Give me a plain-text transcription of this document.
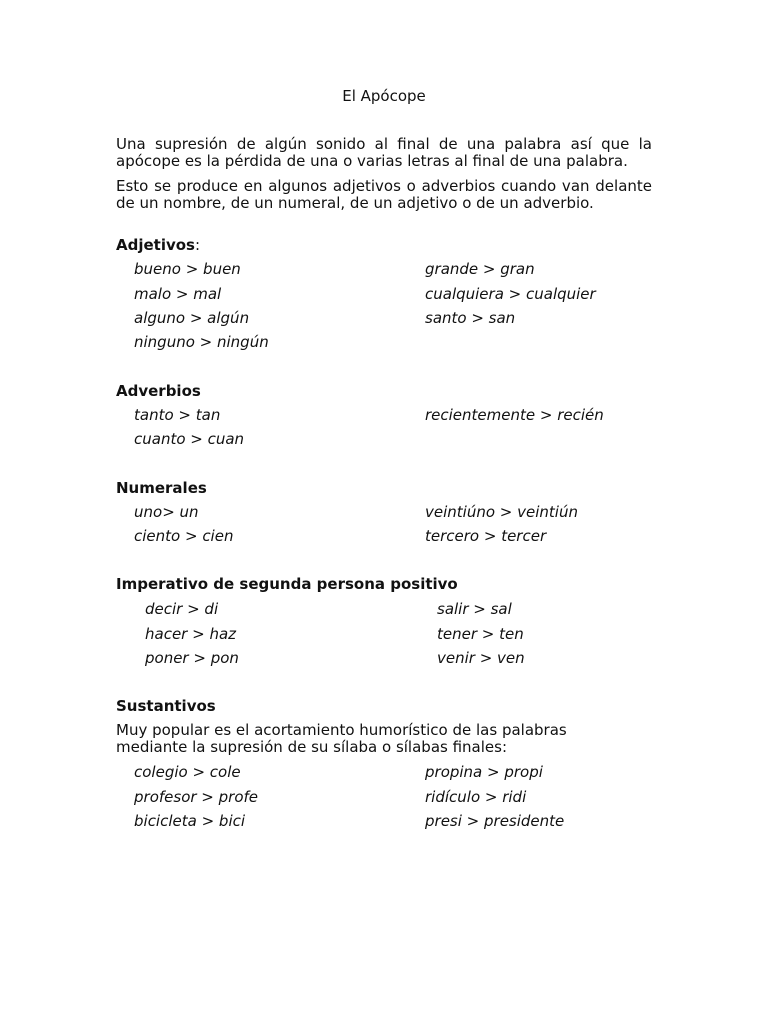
El Apócope
Una supresión de algún sonido al final de una palabra así que la apócope es la pérdida de una o varias letras al final de una palabra.
Esto se produce en algunos adjetivos o adverbios cuando van delante de un nombre, de un numeral, de un adjetivo o de un adverbio.
Adjetivos:
bueno > buen
malo > mal
alguno > algún
ninguno > ningún
grande > gran
cualquiera > cualquier
santo > san
Adverbios
tanto > tan
cuanto > cuan
recientemente > recién
Numerales
uno> un
ciento > cien
veintiúno > veintiún
tercero > tercer
Imperativo de segunda persona positivo
decir > di
hacer > haz
poner > pon
salir > sal
tener > ten
venir > ven
Sustantivos
Muy popular es el acortamiento humorístico de las palabras mediante la supresión de su sílaba o sílabas finales:
colegio > cole
profesor > profe
bicicleta > bici
propina > propi
ridículo > ridi
presi > presidente
